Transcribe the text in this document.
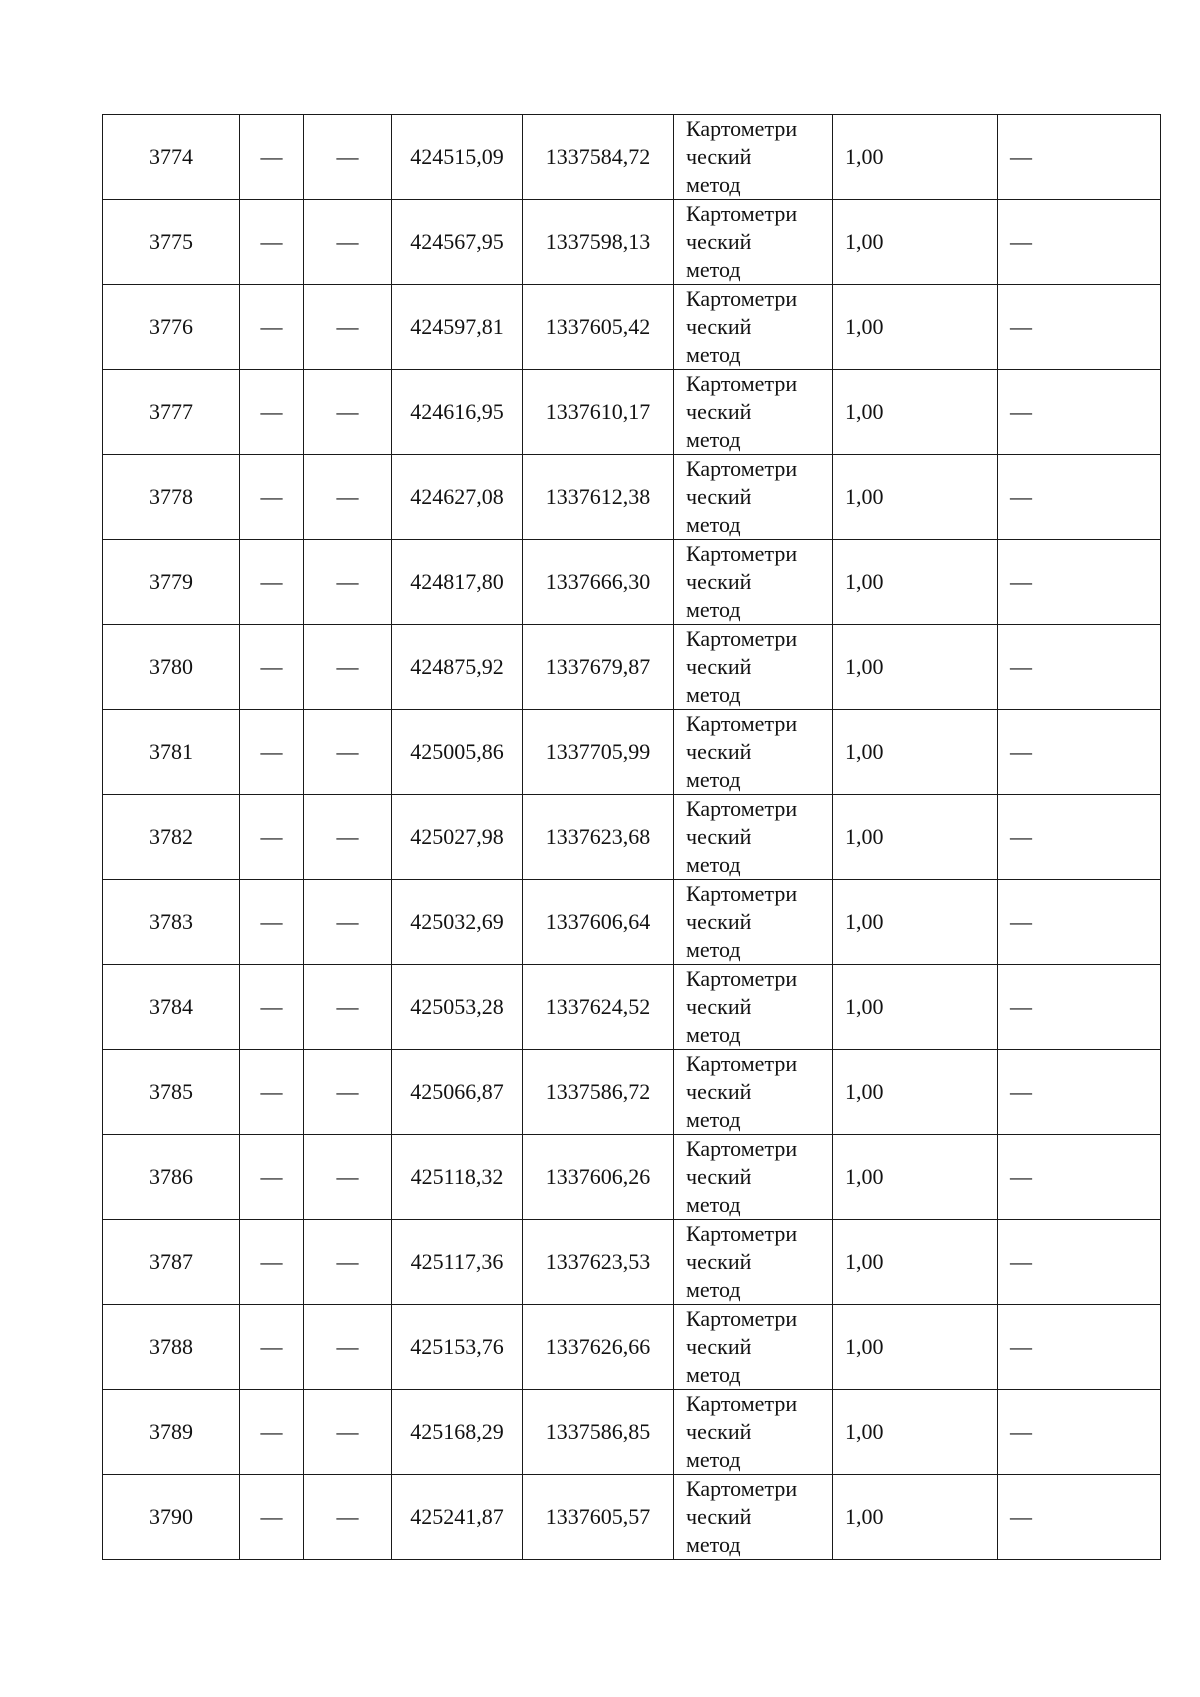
3774	—	—	424515,09	1337584,72	Картометри
ческий
метод	1,00	—
3775	—	—	424567,95	1337598,13	Картометри
ческий
метод	1,00	—
3776	—	—	424597,81	1337605,42	Картометри
ческий
метод	1,00	—
3777	—	—	424616,95	1337610,17	Картометри
ческий
метод	1,00	—
3778	—	—	424627,08	1337612,38	Картометри
ческий
метод	1,00	—
3779	—	—	424817,80	1337666,30	Картометри
ческий
метод	1,00	—
3780	—	—	424875,92	1337679,87	Картометри
ческий
метод	1,00	—
3781	—	—	425005,86	1337705,99	Картометри
ческий
метод	1,00	—
3782	—	—	425027,98	1337623,68	Картометри
ческий
метод	1,00	—
3783	—	—	425032,69	1337606,64	Картометри
ческий
метод	1,00	—
3784	—	—	425053,28	1337624,52	Картометри
ческий
метод	1,00	—
3785	—	—	425066,87	1337586,72	Картометри
ческий
метод	1,00	—
3786	—	—	425118,32	1337606,26	Картометри
ческий
метод	1,00	—
3787	—	—	425117,36	1337623,53	Картометри
ческий
метод	1,00	—
3788	—	—	425153,76	1337626,66	Картометри
ческий
метод	1,00	—
3789	—	—	425168,29	1337586,85	Картометри
ческий
метод	1,00	—
3790	—	—	425241,87	1337605,57	Картометри
ческий
метод	1,00	—
